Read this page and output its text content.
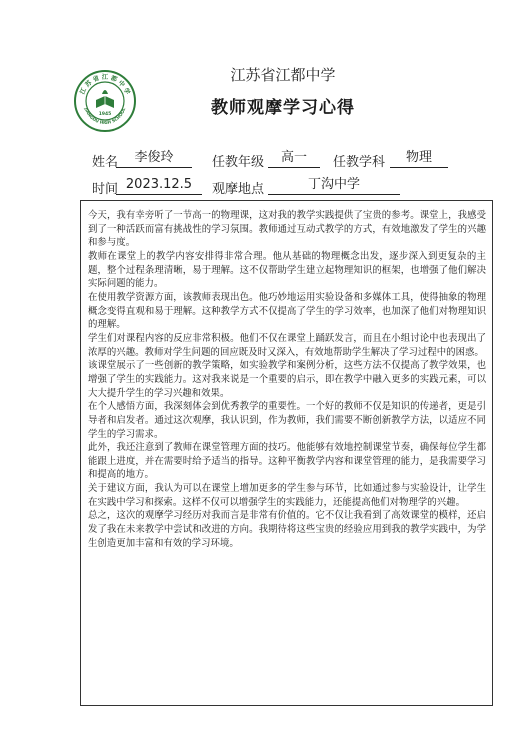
江 苏 省 江 都 中 学
JIANGDU HIGH SCHOOL
1945
江苏省江都中学
教师观摩学习心得
姓名	李俊玲	任教年级	高一	任教学科	物理
时间 2023.12.5	观摩地点	丁沟中学

今天，我有幸旁听了一节高一的物理课，这对我的教学实践提供了宝贵的参考。课堂上，我感受到了一种活跃而富有挑战性的学习氛围。教师通过互动式教学的方式，有效地激发了学生的兴趣和参与度。

教师在课堂上的教学内容安排得非常合理。他从基础的物理概念出发，逐步深入到更复杂的主题，整个过程条理清晰，易于理解。这不仅帮助学生建立起物理知识的框架，也增强了他们解决实际问题的能力。

在使用教学资源方面，该教师表现出色。他巧妙地运用实验设备和多媒体工具，使得抽象的物理概念变得直观和易于理解。这种教学方式不仅提高了学生的学习效率，也加深了他们对物理知识的理解。

学生们对课程内容的反应非常积极。他们不仅在课堂上踊跃发言，而且在小组讨论中也表现出了浓厚的兴趣。教师对学生问题的回应既及时又深入，有效地帮助学生解决了学习过程中的困惑。

该课堂展示了一些创新的教学策略，如实验教学和案例分析，这些方法不仅提高了教学效果，也增强了学生的实践能力。这对我来说是一个重要的启示，即在教学中融入更多的实践元素，可以大大提升学生的学习兴趣和效果。

在个人感悟方面，我深刻体会到优秀教学的重要性。一个好的教师不仅是知识的传递者，更是引导者和启发者。通过这次观摩，我认识到，作为教师，我们需要不断创新教学方法，以适应不同学生的学习需求。

此外，我还注意到了教师在课堂管理方面的技巧。他能够有效地控制课堂节奏，确保每位学生都能跟上进度，并在需要时给予适当的指导。这种平衡教学内容和课堂管理的能力，是我需要学习和提高的地方。

关于建议方面，我认为可以在课堂上增加更多的学生参与环节，比如通过参与实验设计，让学生在实践中学习和探索。这样不仅可以增强学生的实践能力，还能提高他们对物理学的兴趣。

总之，这次的观摩学习经历对我而言是非常有价值的。它不仅让我看到了高效课堂的模样，还启发了我在未来教学中尝试和改进的方向。我期待将这些宝贵的经验应用到我的教学实践中，为学生创造更加丰富和有效的学习环境。
